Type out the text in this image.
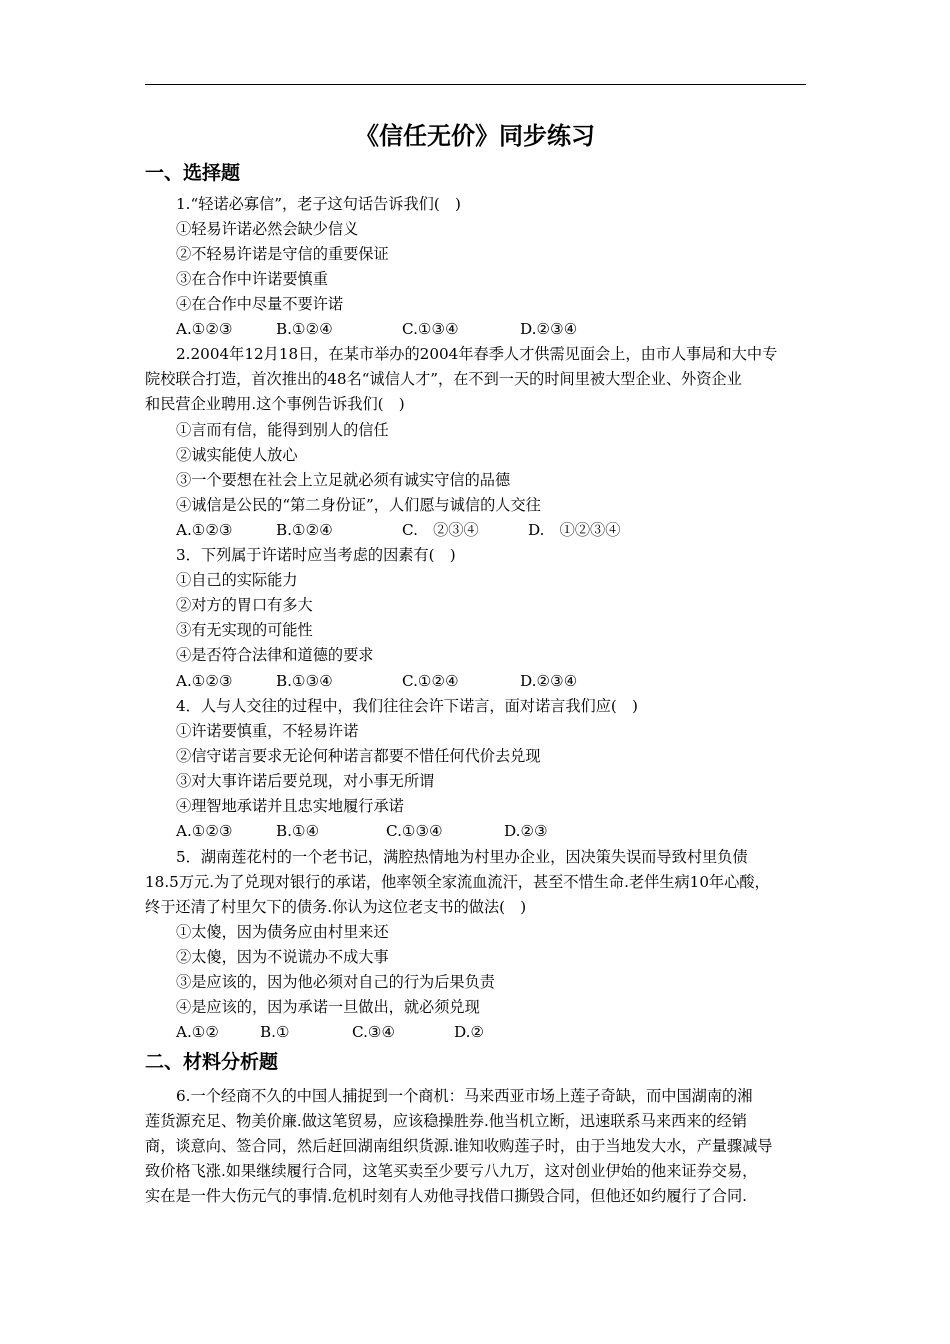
《信任无价》同步练习
一、选择题
1.“轻诺必寡信”，老子这句话告诉我们(　)
①轻易许诺必然会缺少信义
②不轻易许诺是守信的重要保证
③在合作中许诺要慎重
④在合作中尽量不要许诺
A.①②③	B.①②④	C.①③④	D.②③④
2.2004年12月18日，在某市举办的2004年春季人才供需见面会上，由市人事局和大中专
院校联合打造，首次推出的48名“诚信人才”，在不到一天的时间里被大型企业、外资企业
和民营企业聘用.这个事例告诉我们(　)
①言而有信，能得到别人的信任
②诚实能使人放心
③一个要想在社会上立足就必须有诚实守信的品德
④诚信是公民的“第二身份证”，人们愿与诚信的人交往
A.①②③	B.①②④	C.　②③④	D.　①②③④
3．下列属于许诺时应当考虑的因素有(　)
①自己的实际能力
②对方的胃口有多大
③有无实现的可能性
④是否符合法律和道德的要求
A.①②③	B.①③④	C.①②④	D.②③④
4．人与人交往的过程中，我们往往会许下诺言，面对诺言我们应(　)
①许诺要慎重，不轻易许诺
②信守诺言要求无论何种诺言都要不惜任何代价去兑现
③对大事许诺后要兑现，对小事无所谓
④理智地承诺并且忠实地履行承诺
A.①②③	B.①④	C.①③④	D.②③
5．湖南莲花村的一个老书记，满腔热情地为村里办企业，因决策失误而导致村里负债
18.5万元.为了兑现对银行的承诺，他率领全家流血流汗，甚至不惜生命.老伴生病10年心酸，
终于还清了村里欠下的债务.你认为这位老支书的做法(　)
①太傻，因为债务应由村里来还
②太傻，因为不说谎办不成大事
③是应该的，因为他必须对自己的行为后果负责
④是应该的，因为承诺一旦做出，就必须兑现
A.①②	B.①	C.③④	D.②
二、材料分析题
6.一个经商不久的中国人捕捉到一个商机：马来西亚市场上莲子奇缺，而中国湖南的湘
莲货源充足、物美价廉.做这笔贸易，应该稳操胜券.他当机立断，迅速联系马来西来的经销
商，谈意向、签合同，然后赶回湖南组织货源.谁知收购莲子时，由于当地发大水，产量骤减导
致价格飞涨.如果继续履行合同，这笔买卖至少要亏八九万，这对创业伊始的他来证券交易，
实在是一件大伤元气的事情.危机时刻有人劝他寻找借口撕毁合同，但他还如约履行了合同.
